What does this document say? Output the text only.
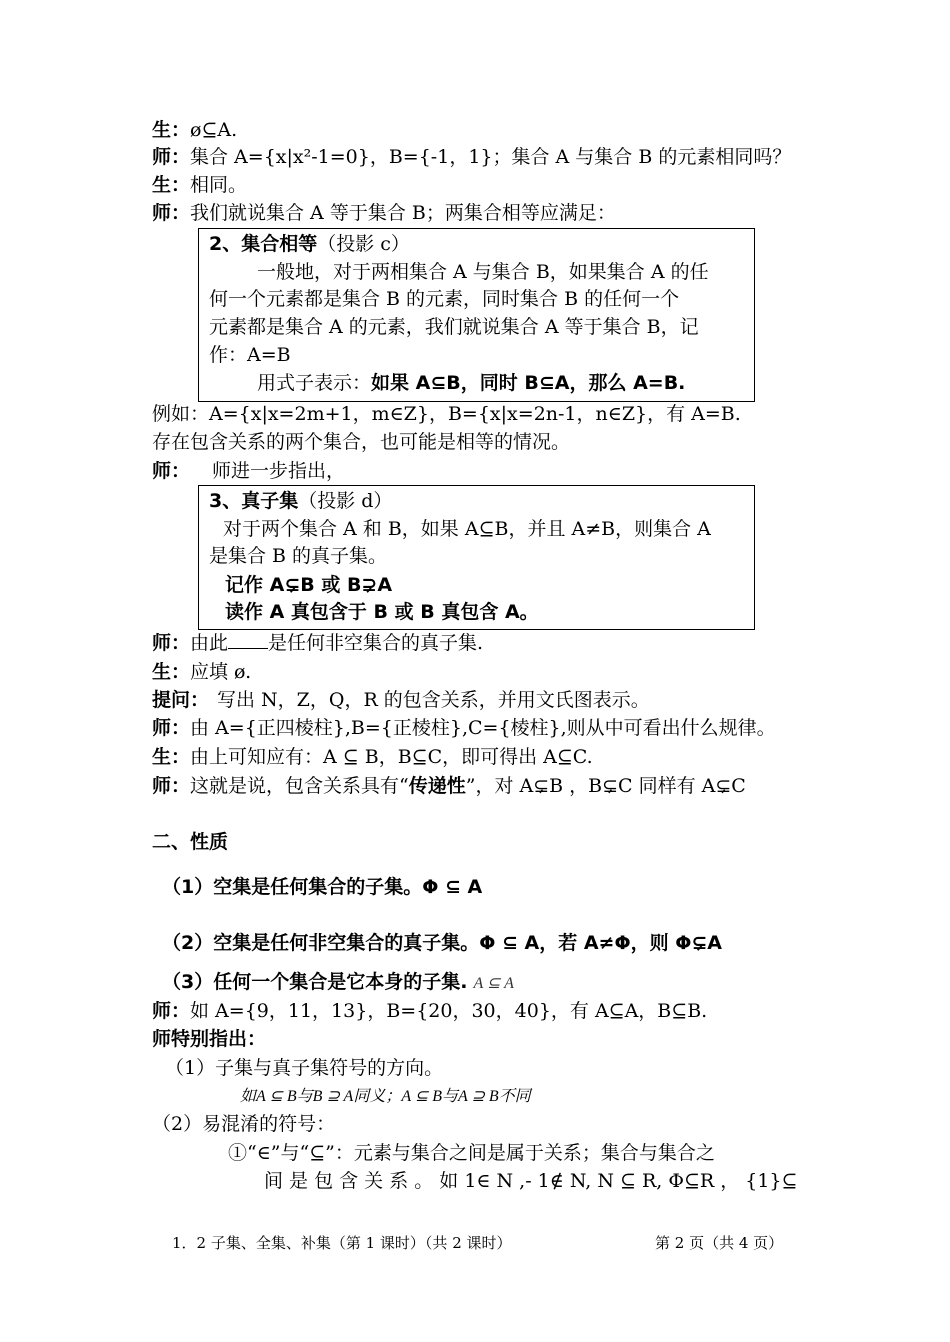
生：ø⊆A.
师：集合 A={x|x²-1=0}，B={-1，1}；集合 A 与集合 B 的元素相同吗？
生：相同。
师：我们就说集合 A 等于集合 B；两集合相等应满足：
2、集合相等（投影 c）
一般地，对于两相集合 A 与集合 B，如果集合 A 的任
何一个元素都是集合 B 的元素，同时集合 B 的任何一个
元素都是集合 A 的元素，我们就说集合 A 等于集合 B，记
作：A=B
用式子表示：如果 A⊆B，同时 B⊆A，那么 A=B.
例如：A={x|x=2m+1，m∈Z}，B={x|x=2n-1，n∈Z}，有 A=B.
存在包含关系的两个集合，也可能是相等的情况。
师： 师进一步指出，
3、真子集（投影 d）
对于两个集合 A 和 B，如果 A⊆B，并且 A≠B，则集合 A
是集合 B 的真子集。
记作 A⊊B 或 B⊋A
读作 A 真包含于 B 或 B 真包含 A。
师：由此 是任何非空集合的真子集.
生：应填 ø.
提问： 写出 N，Z，Q，R 的包含关系，并用文氏图表示。
师：由 A={正四棱柱},B={正棱柱},C={棱柱},则从中可看出什么规律。
生：由上可知应有：A ⊆ B，B⊆C，即可得出 A⊆C.
师：这就是说，包含关系具有“传递性”，对 A⊊B ，B⊊C 同样有 A⊊C
二、性质
（1）空集是任何集合的子集。Φ ⊆ A
（2）空集是任何非空集合的真子集。Φ ⊆ A，若 A≠Φ，则 Φ⊊A
（3）任何一个集合是它本身的子集. A ⊆ A
师：如 A={9，11，13}，B={20，30，40}，有 A⊆A，B⊆B.
师特别指出：
（1）子集与真子集符号的方向。
如A ⊆ B与B ⊇ A同义；A ⊆ B与A ⊇ B不同
（2）易混淆的符号：
①“∈”与“⊆”：元素与集合之间是属于关系；集合与集合之
间 是 包 含 关 系 。 如 1∈ N ,- 1∉ N, N ⊆ R, Φ⊆R ， {1}⊆
1．2 子集、全集、补集（第 1 课时）（共 2 课时）	第 2 页（共 4 页）
